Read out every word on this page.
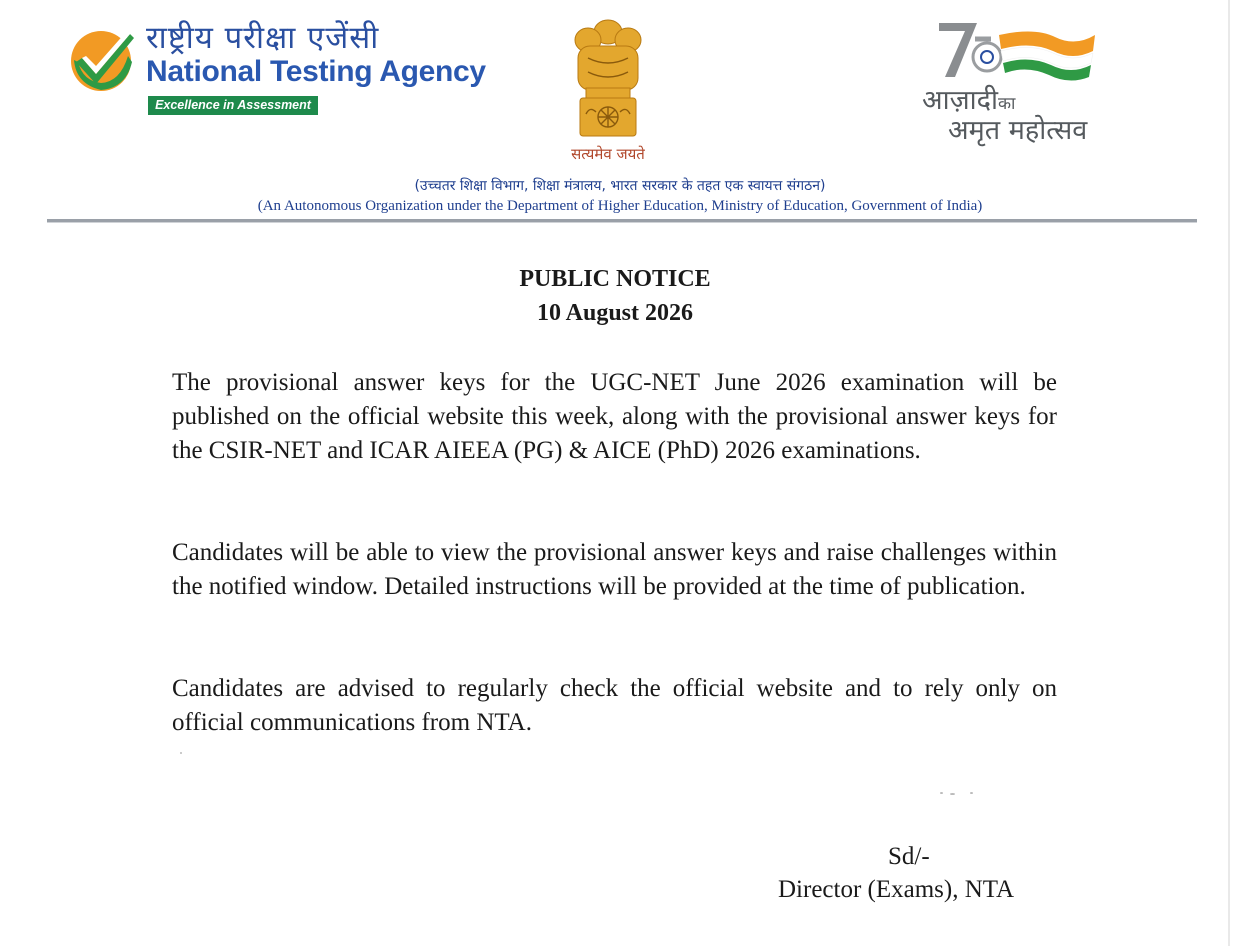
राष्ट्रीय परीक्षा एजेंसी
National Testing Agency
Excellence in Assessment
सत्यमेव जयते
आज़ादीका
अमृत महोत्सव
(उच्चतर शिक्षा विभाग, शिक्षा मंत्रालय, भारत सरकार के तहत एक स्वायत्त संगठन)
(An Autonomous Organization under the Department of Higher Education, Ministry of Education, Government of India)
PUBLIC NOTICE
10 August 2026
The provisional answer keys for the UGC-NET June 2026 examination will be published on the official website this week, along with the provisional answer keys for the CSIR-NET and ICAR AIEEA (PG) & AICE (PhD) 2026 examinations.
Candidates will be able to view the provisional answer keys and raise challenges within the notified window. Detailed instructions will be provided at the time of publication.
Candidates are advised to regularly check the official website and to rely only on official communications from NTA.
Sd/-
Director (Exams), NTA
